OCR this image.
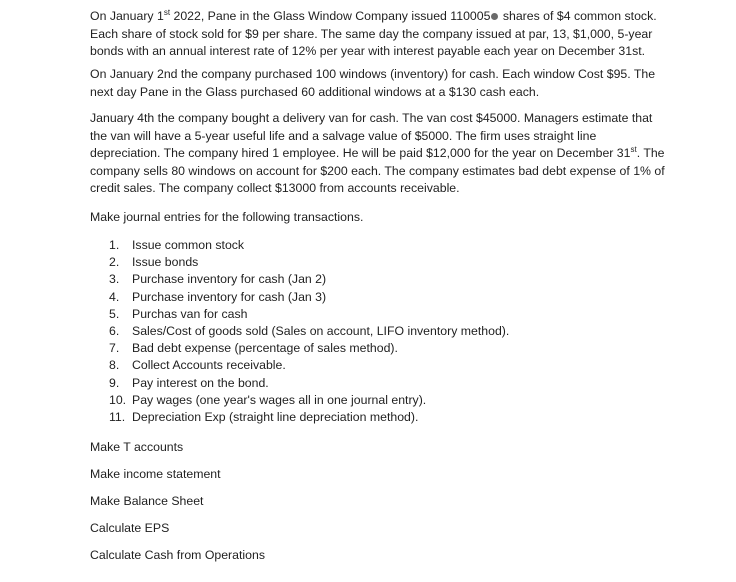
On January 1st 2022, Pane in the Glass Window Company issued 110005 shares of $4 common stock. Each share of stock sold for $9 per share. The same day the company issued at par, 13, $1,000, 5-year bonds with an annual interest rate of 12% per year with interest payable each year on December 31st.

On January 2nd the company purchased 100 windows (inventory) for cash. Each window Cost $95. The next day Pane in the Glass purchased 60 additional windows at a $130 cash each.

January 4th the company bought a delivery van for cash. The van cost $45000. Managers estimate that the van will have a 5-year useful life and a salvage value of $5000. The firm uses straight line depreciation. The company hired 1 employee. He will be paid $12,000 for the year on December 31st. The company sells 80 windows on account for $200 each. The company estimates bad debt expense of 1% of credit sales. The company collect $13000 from accounts receivable.

Make journal entries for the following transactions.

1. Issue common stock
2. Issue bonds
3. Purchase inventory for cash (Jan 2)
4. Purchase inventory for cash (Jan 3)
5. Purchas van for cash
6. Sales/Cost of goods sold (Sales on account, LIFO inventory method).
7. Bad debt expense (percentage of sales method).
8. Collect Accounts receivable.
9. Pay interest on the bond.
10. Pay wages (one year's wages all in one journal entry).
11. Depreciation Exp (straight line depreciation method).

Make T accounts

Make income statement

Make Balance Sheet

Calculate EPS

Calculate Cash from Operations
